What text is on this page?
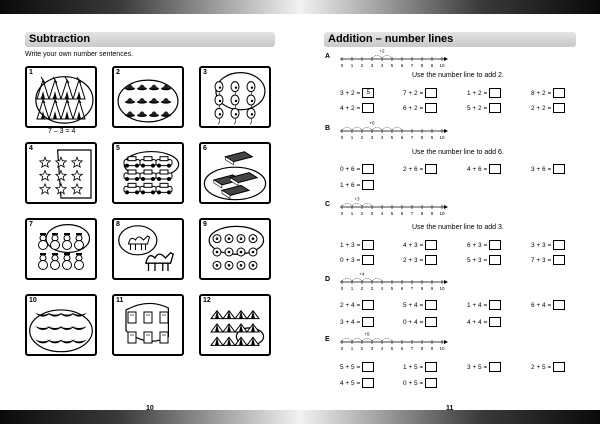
Subtraction
Write your own number sentences.
1	2	3
4	5	6
7	8	9
10	11	12
7 – 3 = 4
10
Addition – number lines
A
0 1 2 3 4 5 6 7 8 9 10
+2
Use the number line to add 2.
3 + 2 =	5	7 + 2 =	1 + 2 =	8 + 2 =
4 + 2 =	6 + 2 =	5 + 2 =	2 + 2 =
B
0 1 2 3 4 5 6 7 8 9 10
+6
Use the number line to add 6.
0 + 6 =	2 + 6 =	4 + 6 =	3 + 6 =
1 + 6 =
C
0 1 2 3 4 5 6 7 8 9 10
+3
Use the number line to add 3.
1 + 3 =	4 + 3 =	6 + 3 =	3 + 3 =
0 + 3 =	2 + 3 =	5 + 3 =	7 + 3 =
D
0 1 2 3 4 5 6 7 8 9 10
+4
2 + 4 =	5 + 4 =	1 + 4 =	6 + 4 =
3 + 4 =	0 + 4 =	4 + 4 =
E
0 1 2 3 4 5 6 7 8 9 10
+5
5 + 5 =	1 + 5 =	3 + 5 =	2 + 5 =
4 + 5 =	0 + 5 =
11
